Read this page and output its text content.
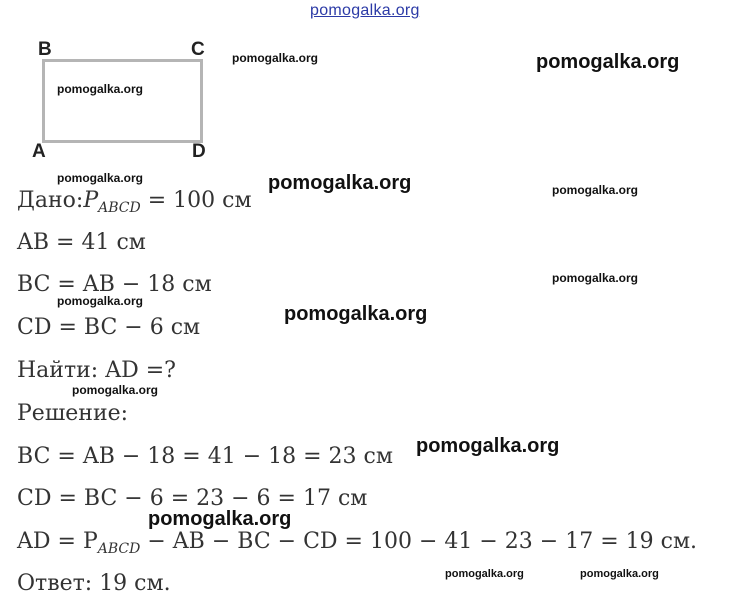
pomogalka.org
pomogalka.org	pomogalka.org
pomogalka.org
pomogalka.org	pomogalka.org	pomogalka.org
pomogalka.org
pomogalka.org
pomogalka.org
pomogalka.org
pomogalka.org
pomogalka.org
pomogalka.org	pomogalka.org
B	C
A	D
$Дано:P_{ABCD} = 100$ см
AB = 41 см
BC = AB − 18 см
CD = BC − 6 см
Найти: AD =?
Решение:
BC = AB − 18 = 41 − 18 = 23 см
CD = BC − 6 = 23 − 6 = 17 см
AD = $P_{ABCD}$ − AB − BC − CD = 100 − 41 − 23 − 17 = 19 см.
Ответ: 19 см.
